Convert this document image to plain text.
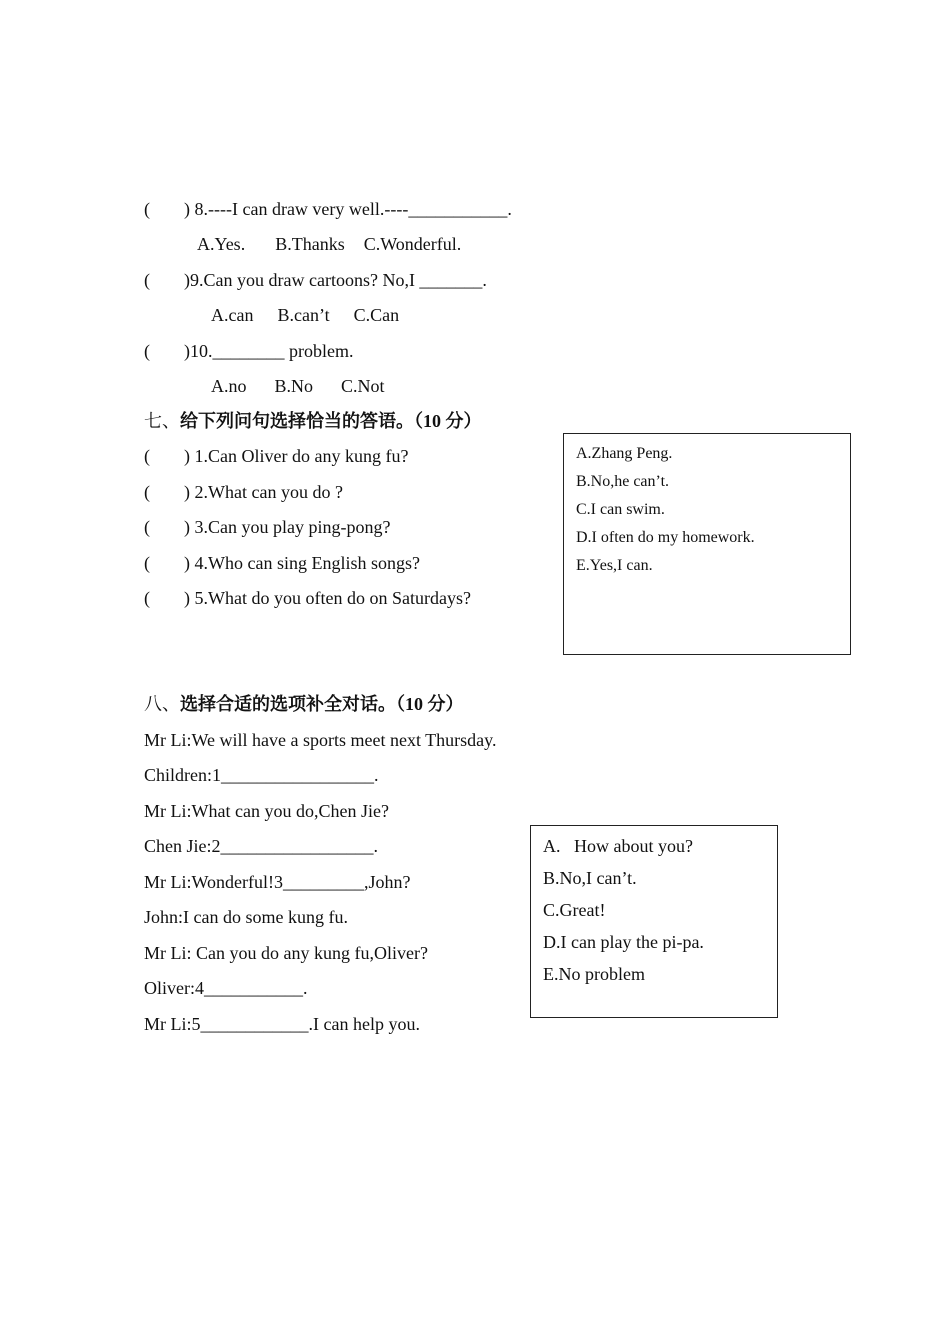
( ) 8.----I can draw very well.----___________.
A.Yes. B.Thanks C.Wonderful.
( )9.Can you draw cartoons? No,I _______.
A.can B.can’t C.Can
( )10.________ problem.
A.no B.No C.Not
七、给下列问句选择恰当的答语。（10 分）
( ) 1.Can Oliver do any kung fu?
( ) 2.What can you do ?
( ) 3.Can you play ping-pong?
( ) 4.Who can sing English songs?
( ) 5.What do you often do on Saturdays?
A.Zhang Peng.
B.No,he can’t.
C.I can swim.
D.I often do my homework.
E.Yes,I can.
八、选择合适的选项补全对话。（10 分）
Mr Li:We will have a sports meet next Thursday.
Children:1_________________.
Mr Li:What can you do,Chen Jie?
Chen Jie:2_________________.
Mr Li:Wonderful!3_________,John?
John:I can do some kung fu.
Mr Li: Can you do any kung fu,Oliver?
Oliver:4___________.
Mr Li:5____________.I can help you.
A.   How about you?
B.No,I can’t.
C.Great!
D.I can play the pi-pa.
E.No problem
